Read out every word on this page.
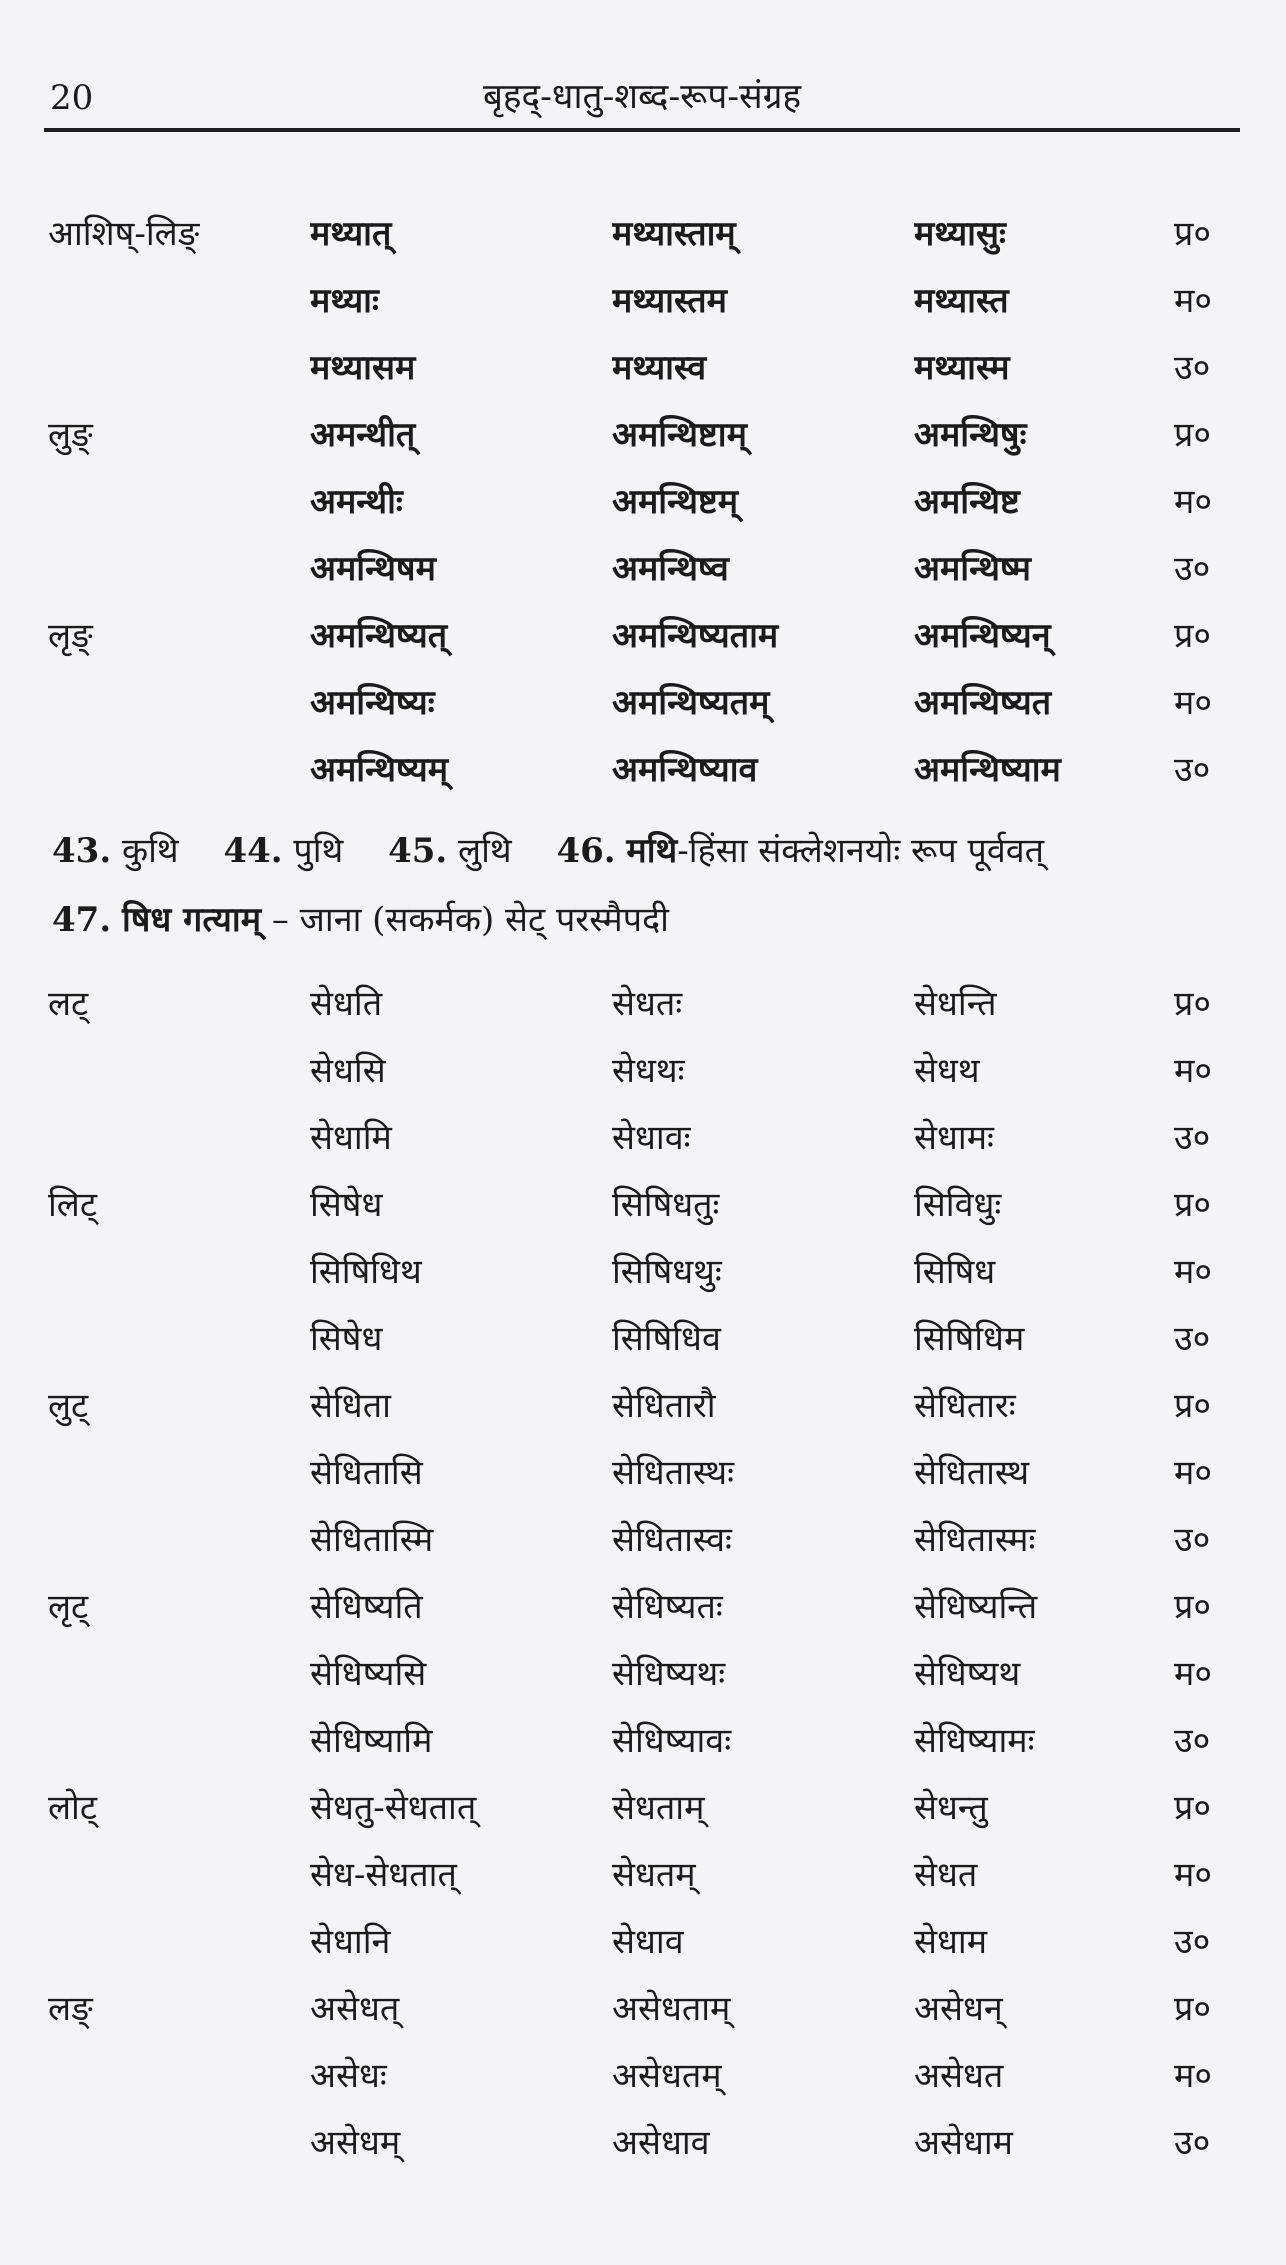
20	बृहद्-धातु-शब्द-रूप-संग्रह
आशिष्-लिङ्	मथ्यात्	मथ्यास्ताम्	मथ्यासुः	प्र०
	मथ्याः	मथ्यास्तम	मथ्यास्त	म०
	मथ्यासम	मथ्यास्व	मथ्यास्म	उ०
लुङ्	अमन्थीत्	अमन्थिष्टाम्	अमन्थिषुः	प्र०
	अमन्थीः	अमन्थिष्टम्	अमन्थिष्ट	म०
	अमन्थिषम	अमन्थिष्व	अमन्थिष्म	उ०
लृङ्	अमन्थिष्यत्	अमन्थिष्यताम	अमन्थिष्यन्	प्र०
	अमन्थिष्यः	अमन्थिष्यतम्	अमन्थिष्यत	म०
	अमन्थिष्यम्	अमन्थिष्याव	अमन्थिष्याम	उ०
43. कुथि 44. पुथि 45. लुथि 46. मथि-हिंसा संक्लेशनयोः रूप पूर्ववत्
47. षिध गत्याम् – जाना (सकर्मक) सेट् परस्मैपदी
लट्	सेधति	सेधतः	सेधन्ति	प्र०
	सेधसि	सेधथः	सेधथ	म०
	सेधामि	सेधावः	सेधामः	उ०
लिट्	सिषेध	सिषिधतुः	सिविधुः	प्र०
	सिषिधिथ	सिषिधथुः	सिषिध	म०
	सिषेध	सिषिधिव	सिषिधिम	उ०
लुट्	सेधिता	सेधितारौ	सेधितारः	प्र०
	सेधितासि	सेधितास्थः	सेधितास्थ	म०
	सेधितास्मि	सेधितास्वः	सेधितास्मः	उ०
लृट्	सेधिष्यति	सेधिष्यतः	सेधिष्यन्ति	प्र०
	सेधिष्यसि	सेधिष्यथः	सेधिष्यथ	म०
	सेधिष्यामि	सेधिष्यावः	सेधिष्यामः	उ०
लोट्	सेधतु-सेधतात्	सेधताम्	सेधन्तु	प्र०
	सेध-सेधतात्	सेधतम्	सेधत	म०
	सेधानि	सेधाव	सेधाम	उ०
लङ्	असेधत्	असेधताम्	असेधन्	प्र०
	असेधः	असेधतम्	असेधत	म०
	असेधम्	असेधाव	असेधाम	उ०
